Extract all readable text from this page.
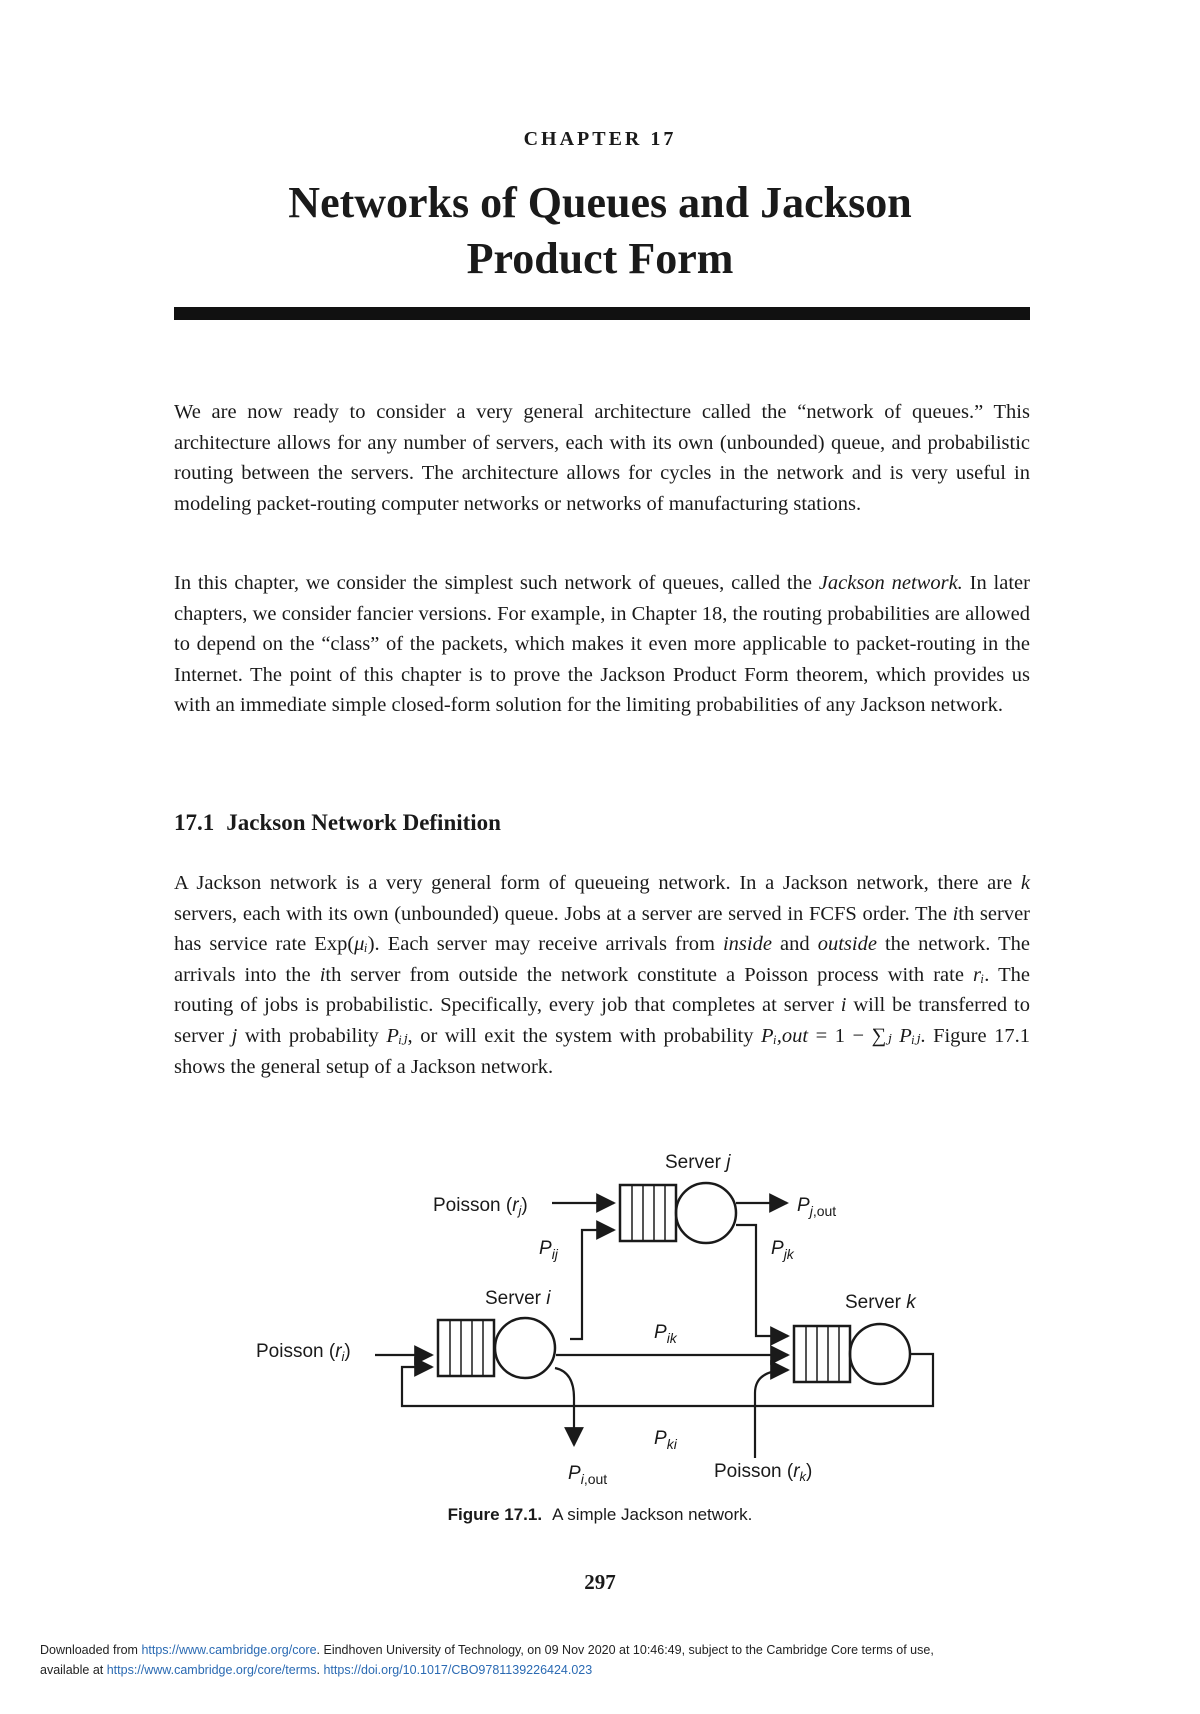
CHAPTER 17
Networks of Queues and Jackson
Product Form

We are now ready to consider a very general architecture called the “network of queues.” This architecture allows for any number of servers, each with its own (unbounded) queue, and probabilistic routing between the servers. The architecture allows for cycles in the network and is very useful in modeling packet-routing computer networks or networks of manufacturing stations.

In this chapter, we consider the simplest such network of queues, called the Jackson network. In later chapters, we consider fancier versions. For example, in Chapter 18, the routing probabilities are allowed to depend on the “class” of the packets, which makes it even more applicable to packet-routing in the Internet. The point of this chapter is to prove the Jackson Product Form theorem, which provides us with an immediate simple closed-form solution for the limiting probabilities of any Jackson network.

17.1 Jackson Network Definition

A Jackson network is a very general form of queueing network. In a Jackson network, there are k servers, each with its own (unbounded) queue. Jobs at a server are served in FCFS order. The ith server has service rate Exp(μᵢ). Each server may receive arrivals from inside and outside the network. The arrivals into the ith server from outside the network constitute a Poisson process with rate rᵢ. The routing of jobs is probabilistic. Specifically, every job that completes at server i will be transferred to server j with probability Pᵢⱼ, or will exit the system with probability Pᵢ,out = 1 − ∑ⱼ Pᵢⱼ. Figure 17.1 shows the general setup of a Jackson network.

Server j
Poisson $(r_j)$	$P_j,out$
$P_{ij}$	$P_{jk}$
Server i	Server k
$P_{ik}$
Poisson $(r_i)$
$P_{ki}$
$P_i,out$	Poisson $(r_k)$
Figure 17.1. A simple Jackson network.
297
Downloaded from https://www.cambridge.org/core. Eindhoven University of Technology, on 09 Nov 2020 at 10:46:49, subject to the Cambridge Core terms of use,
available at https://www.cambridge.org/core/terms. https://doi.org/10.1017/CBO9781139226424.023
